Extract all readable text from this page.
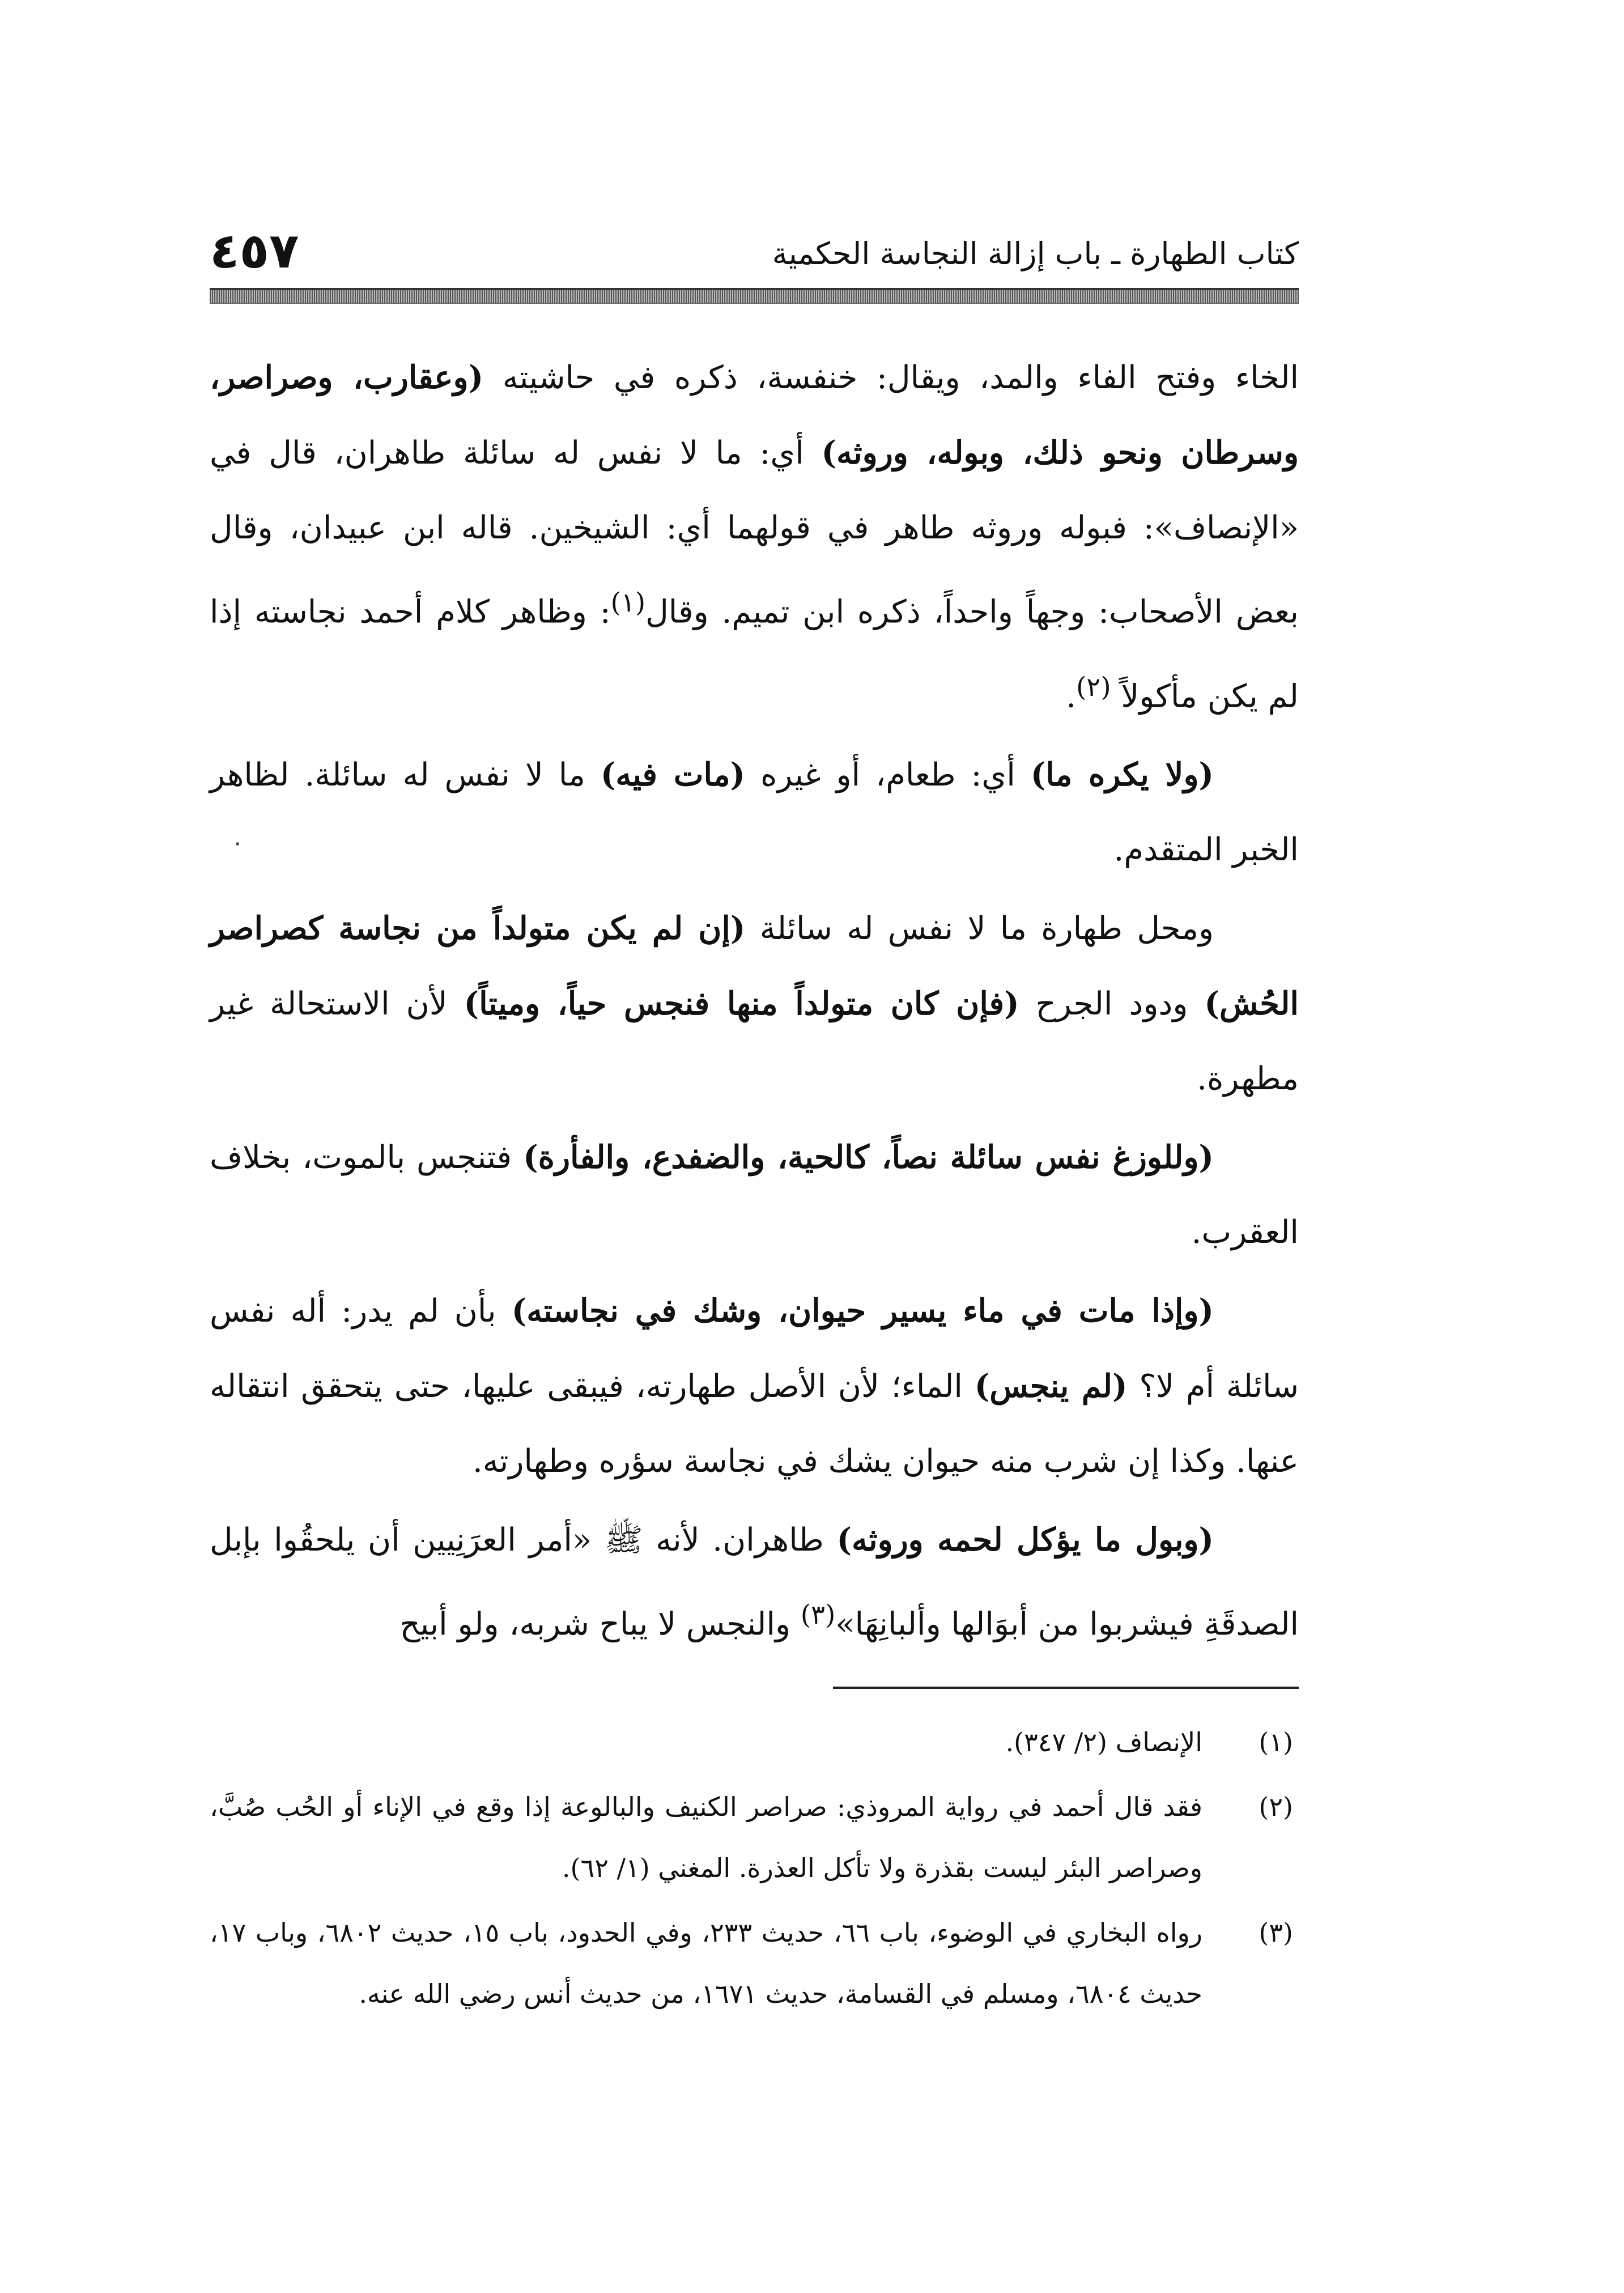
كتاب الطهارة ـ باب إزالة النجاسة الحكمية
٤٥٧

الخاء وفتح الفاء والمد، ويقال: خنفسة، ذكره في حاشيته (وعقارب، وصراصر، وسرطان ونحو ذلك، وبوله، وروثه) أي: ما لا نفس له سائلة طاهران، قال في «الإنصاف»: فبوله وروثه طاهر في قولهما أي: الشيخين. قاله ابن عبيدان، وقال بعض الأصحاب: وجهاً واحداً، ذكره ابن تميم. وقال$^{(١)}$: وظاهر كلام أحمد نجاسته إذا لم يكن مأكولاً $^{(٢)}$.

(ولا يكره ما) أي: طعام، أو غيره (مات فيه) ما لا نفس له سائلة. لظاهر الخبر المتقدم.

ومحل طهارة ما لا نفس له سائلة (إن لم يكن متولداً من نجاسة كصراصر الحُش) ودود الجرح (فإن كان متولداً منها فنجس حياً، وميتاً) لأن الاستحالة غير مطهرة.

(وللوزغ نفس سائلة نصاً، كالحية، والضفدع، والفأرة) فتنجس بالموت، بخلاف العقرب.

(وإذا مات في ماء يسير حيوان، وشك في نجاسته) بأن لم يدر: أله نفس سائلة أم لا؟ (لم ينجس) الماء؛ لأن الأصل طهارته، فيبقى عليها، حتى يتحقق انتقاله عنها. وكذا إن شرب منه حيوان يشك في نجاسة سؤره وطهارته.

(وبول ما يؤكل لحمه وروثه) طاهران. لأنه ﷺ «أمر العرَنِيين أن يلحقُوا بإبل الصدقَةِ فيشربوا من أبوَالها وألبانِهَا»$^{(٣)}$ والنجس لا يباح شربه، ولو أبيح

(١)
الإنصاف (٢/ ٣٤٧).
(٢)
فقد قال أحمد في رواية المروذي: صراصر الكنيف والبالوعة إذا وقع في الإناء أو الحُب صُبَّ، وصراصر البئر ليست بقذرة ولا تأكل العذرة. المغني (١/ ٦٢).
(٣)
رواه البخاري في الوضوء، باب ٦٦، حديث ٢٣٣، وفي الحدود، باب ١٥، حديث ٦٨٠٢، وباب ١٧، حديث ٦٨٠٤، ومسلم في القسامة، حديث ١٦٧١، من حديث أنس رضي الله عنه.
